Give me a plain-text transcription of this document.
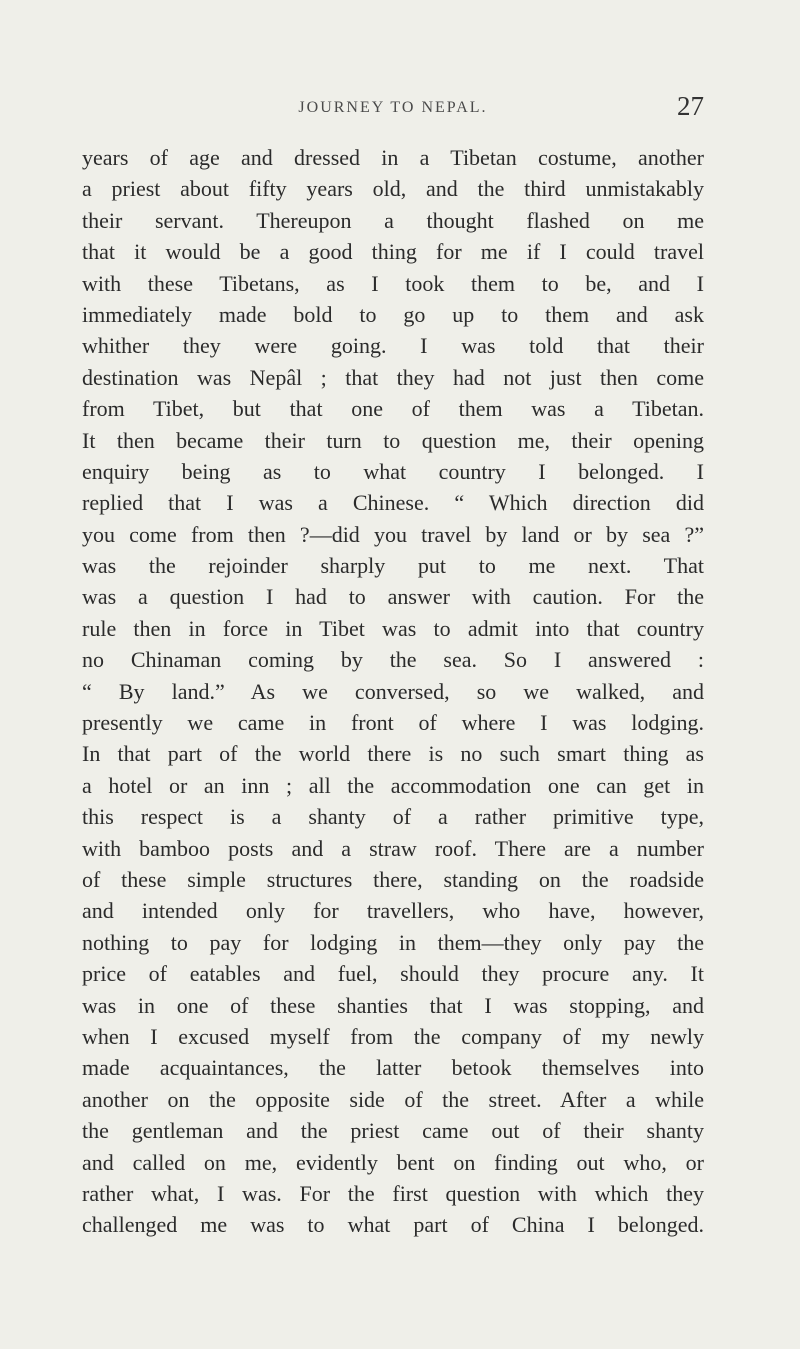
JOURNEY TO NEPAL.	27
years of age and dressed in a Tibetan costume, another
a priest about fifty years old, and the third unmistakably
their servant. Thereupon a thought flashed on me
that it would be a good thing for me if I could travel
with these Tibetans, as I took them to be, and I
immediately made bold to go up to them and ask
whither they were going. I was told that their
destination was Nepâl ; that they had not just then come
from Tibet, but that one of them was a Tibetan.
It then became their turn to question me, their opening
enquiry being as to what country I belonged. I
replied that I was a Chinese. “ Which direction did
you come from then ?—did you travel by land or by sea ?”
was the rejoinder sharply put to me next. That
was a question I had to answer with caution. For the
rule then in force in Tibet was to admit into that country
no Chinaman coming by the sea. So I answered :
“ By land.” As we conversed, so we walked, and
presently we came in front of where I was lodging.
In that part of the world there is no such smart thing as
a hotel or an inn ; all the accommodation one can get in
this respect is a shanty of a rather primitive type,
with bamboo posts and a straw roof. There are a number
of these simple structures there, standing on the roadside
and intended only for travellers, who have, however,
nothing to pay for lodging in them—they only pay the
price of eatables and fuel, should they procure any. It
was in one of these shanties that I was stopping, and
when I excused myself from the company of my newly
made acquaintances, the latter betook themselves into
another on the opposite side of the street. After a while
the gentleman and the priest came out of their shanty
and called on me, evidently bent on finding out who, or
rather what, I was. For the first question with which they
challenged me was to what part of China I belonged.
